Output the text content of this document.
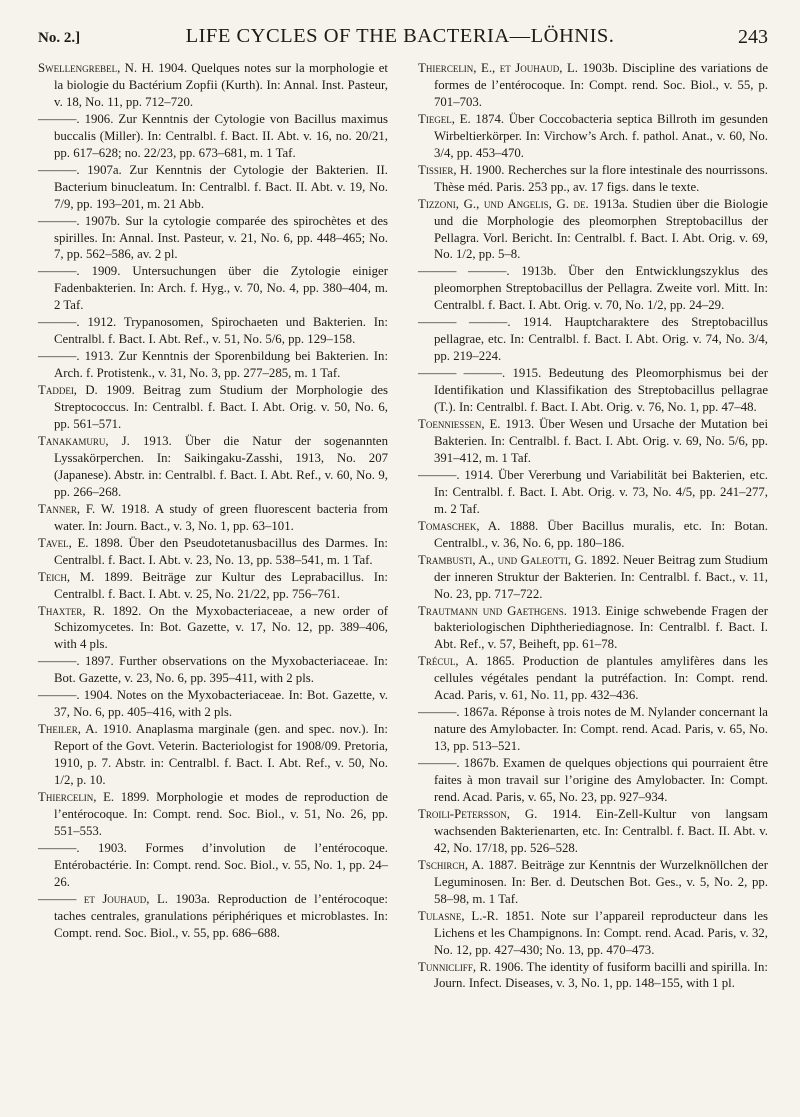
No. 2.]	LIFE CYCLES OF THE BACTERIA—LÖHNIS.	243

Swellengrebel, N. H. 1904. Quelques notes sur la morphologie et la biologie du Bactérium Zopfii (Kurth). In: Annal. Inst. Pasteur, v. 18, No. 11, pp. 712–720.

———. 1906. Zur Kenntnis der Cytologie von Bacillus maximus buccalis (Miller). In: Centralbl. f. Bact. II. Abt. v. 16, no. 20/21, pp. 617–628; no. 22/23, pp. 673–681, m. 1 Taf.

———. 1907a. Zur Kenntnis der Cytologie der Bakterien. II. Bacterium binucleatum. In: Centralbl. f. Bact. II. Abt. v. 19, No. 7/9, pp. 193–201, m. 21 Abb.

———. 1907b. Sur la cytologie comparée des spirochètes et des spirilles. In: Annal. Inst. Pasteur, v. 21, No. 6, pp. 448–465; No. 7, pp. 562–586, av. 2 pl.

———. 1909. Untersuchungen über die Zytologie einiger Fadenbakterien. In: Arch. f. Hyg., v. 70, No. 4, pp. 380–404, m. 2 Taf.

———. 1912. Trypanosomen, Spirochaeten und Bakterien. In: Centralbl. f. Bact. I. Abt. Ref., v. 51, No. 5/6, pp. 129–158.

———. 1913. Zur Kenntnis der Sporenbildung bei Bakterien. In: Arch. f. Protistenk., v. 31, No. 3, pp. 277–285, m. 1 Taf.

Taddei, D. 1909. Beitrag zum Studium der Morphologie des Streptococcus. In: Centralbl. f. Bact. I. Abt. Orig. v. 50, No. 6, pp. 561–571.

Tanakamuru, J. 1913. Über die Natur der sogenannten Lyssakörperchen. In: Saikingaku-Zasshi, 1913, No. 207 (Japanese). Abstr. in: Centralbl. f. Bact. I. Abt. Ref., v. 60, No. 9, pp. 266–268.

Tanner, F. W. 1918. A study of green fluorescent bacteria from water. In: Journ. Bact., v. 3, No. 1, pp. 63–101.

Tavel, E. 1898. Über den Pseudotetanusbacillus des Darmes. In: Centralbl. f. Bact. I. Abt. v. 23, No. 13, pp. 538–541, m. 1 Taf.

Teich, M. 1899. Beiträge zur Kultur des Leprabacillus. In: Centralbl. f. Bact. I. Abt. v. 25, No. 21/22, pp. 756–761.

Thaxter, R. 1892. On the Myxobacteriaceae, a new order of Schizomycetes. In: Bot. Gazette, v. 17, No. 12, pp. 389–406, with 4 pls.

———. 1897. Further observations on the Myxobacteriaceae. In: Bot. Gazette, v. 23, No. 6, pp. 395–411, with 2 pls.

———. 1904. Notes on the Myxobacteriaceae. In: Bot. Gazette, v. 37, No. 6, pp. 405–416, with 2 pls.

Theiler, A. 1910. Anaplasma marginale (gen. and spec. nov.). In: Report of the Govt. Veterin. Bacteriologist for 1908/09. Pretoria, 1910, p. 7. Abstr. in: Centralbl. f. Bact. I. Abt. Ref., v. 50, No. 1/2, p. 10.

Thiercelin, E. 1899. Morphologie et modes de reproduction de l’entérocoque. In: Compt. rend. Soc. Biol., v. 51, No. 26, pp. 551–553.

———. 1903. Formes d’involution de l’entérocoque. Entérobactérie. In: Compt. rend. Soc. Biol., v. 55, No. 1, pp. 24–26.

——— et Jouhaud, L. 1903a. Reproduction de l’entérocoque: taches centrales, granulations périphériques et microblastes. In: Compt. rend. Soc. Biol., v. 55, pp. 686–688.

Thiercelin, E., et Jouhaud, L. 1903b. Discipline des variations de formes de l’entérocoque. In: Compt. rend. Soc. Biol., v. 55, p. 701–703.

Tiegel, E. 1874. Über Coccobacteria septica Billroth im gesunden Wirbeltierkörper. In: Virchow’s Arch. f. pathol. Anat., v. 60, No. 3/4, pp. 453–470.

Tissier, H. 1900. Recherches sur la flore intestinale des nourrissons. Thèse méd. Paris. 253 pp., av. 17 figs. dans le texte.

Tizzoni, G., und Angelis, G. de. 1913a. Studien über die Biologie und die Morphologie des pleomorphen Streptobacillus der Pellagra. Vorl. Bericht. In: Centralbl. f. Bact. I. Abt. Orig. v. 69, No. 1/2, pp. 5–8.

——— ———. 1913b. Über den Entwicklungszyklus des pleomorphen Streptobacillus der Pellagra. Zweite vorl. Mitt. In: Centralbl. f. Bact. I. Abt. Orig. v. 70, No. 1/2, pp. 24–29.

——— ———. 1914. Hauptcharaktere des Streptobacillus pellagrae, etc. In: Centralbl. f. Bact. I. Abt. Orig. v. 74, No. 3/4, pp. 219–224.

——— ———. 1915. Bedeutung des Pleomorphismus bei der Identifikation und Klassifikation des Streptobacillus pellagrae (T.). In: Centralbl. f. Bact. I. Abt. Orig. v. 76, No. 1, pp. 47–48.

Toenniessen, E. 1913. Über Wesen und Ursache der Mutation bei Bakterien. In: Centralbl. f. Bact. I. Abt. Orig. v. 69, No. 5/6, pp. 391–412, m. 1 Taf.

———. 1914. Über Vererbung und Variabilität bei Bakterien, etc. In: Centralbl. f. Bact. I. Abt. Orig. v. 73, No. 4/5, pp. 241–277, m. 2 Taf.

Tomaschek, A. 1888. Über Bacillus muralis, etc. In: Botan. Centralbl., v. 36, No. 6, pp. 180–186.

Trambusti, A., und Galeotti, G. 1892. Neuer Beitrag zum Studium der inneren Struktur der Bakterien. In: Centralbl. f. Bact., v. 11, No. 23, pp. 717–722.

Trautmann und Gaethgens. 1913. Einige schwebende Fragen der bakteriologischen Diphtheriediagnose. In: Centralbl. f. Bact. I. Abt. Ref., v. 57, Beiheft, pp. 61–78.

Trécul, A. 1865. Production de plantules amylifères dans les cellules végétales pendant la putréfaction. In: Compt. rend. Acad. Paris, v. 61, No. 11, pp. 432–436.

———. 1867a. Réponse à trois notes de M. Nylander concernant la nature des Amylobacter. In: Compt. rend. Acad. Paris, v. 65, No. 13, pp. 513–521.

———. 1867b. Examen de quelques objections qui pourraient être faites à mon travail sur l’origine des Amylobacter. In: Compt. rend. Acad. Paris, v. 65, No. 23, pp. 927–934.

Troili-Petersson, G. 1914. Ein-Zell-Kultur von langsam wachsenden Bakterienarten, etc. In: Centralbl. f. Bact. II. Abt. v. 42, No. 17/18, pp. 526–528.

Tschirch, A. 1887. Beiträge zur Kenntnis der Wurzelknöllchen der Leguminosen. In: Ber. d. Deutschen Bot. Ges., v. 5, No. 2, pp. 58–98, m. 1 Taf.

Tulasne, L.-R. 1851. Note sur l’appareil reproducteur dans les Lichens et les Champignons. In: Compt. rend. Acad. Paris, v. 32, No. 12, pp. 427–430; No. 13, pp. 470–473.

Tunnicliff, R. 1906. The identity of fusiform bacilli and spirilla. In: Journ. Infect. Diseases, v. 3, No. 1, pp. 148–155, with 1 pl.
